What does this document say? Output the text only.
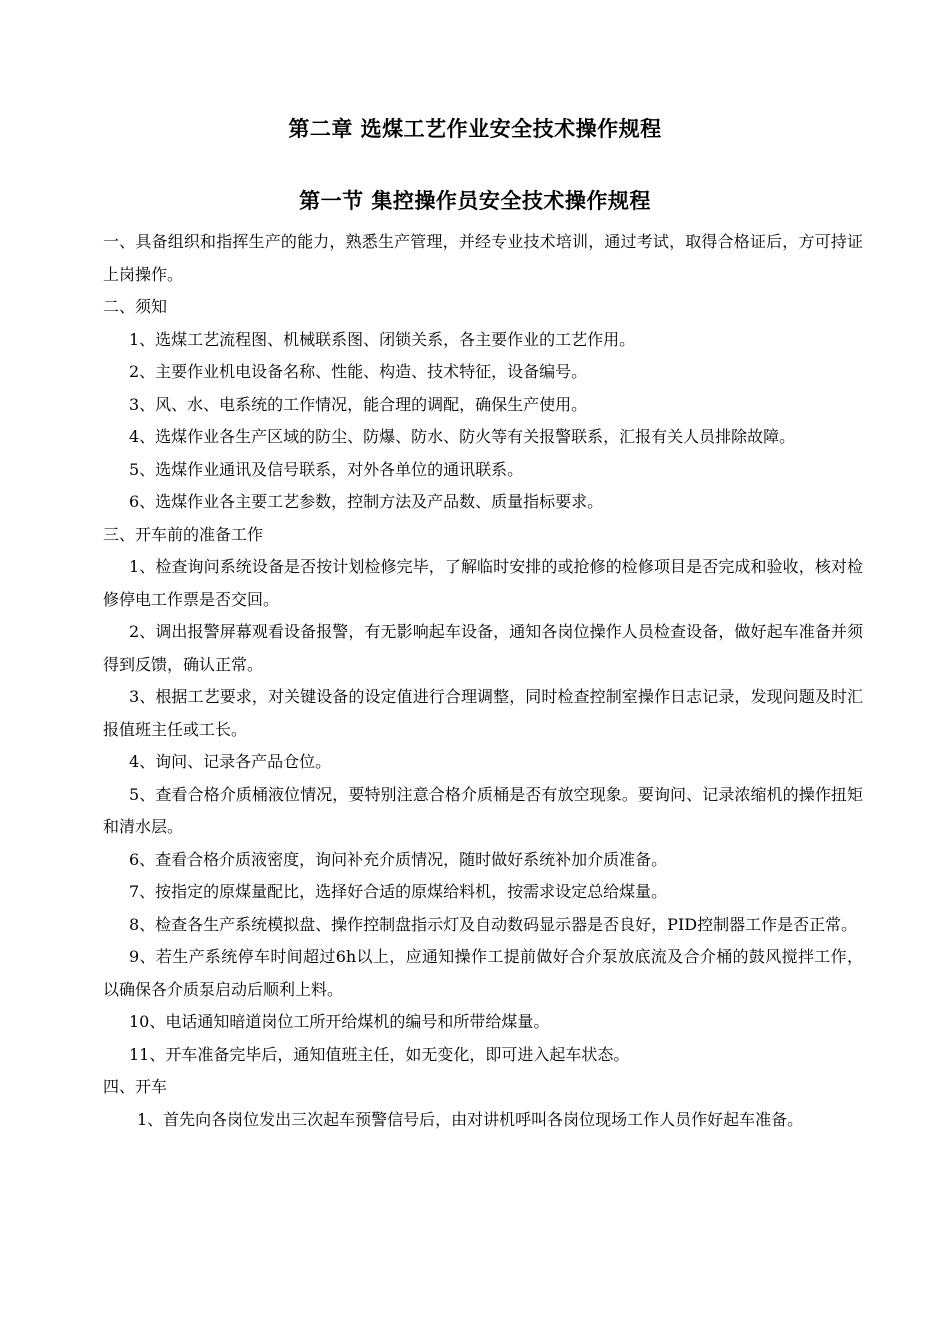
第二章 选煤工艺作业安全技术操作规程
第一节 集控操作员安全技术操作规程

一、具备组织和指挥生产的能力，熟悉生产管理，并经专业技术培训，通过考试，取得合格证后，方可持证上岗操作。

二、须知

1、选煤工艺流程图、机械联系图、闭锁关系，各主要作业的工艺作用。

2、主要作业机电设备名称、性能、构造、技术特征，设备编号。

3、风、水、电系统的工作情况，能合理的调配，确保生产使用。

4、选煤作业各生产区域的防尘、防爆、防水、防火等有关报警联系，汇报有关人员排除故障。

5、选煤作业通讯及信号联系，对外各单位的通讯联系。

6、选煤作业各主要工艺参数，控制方法及产品数、质量指标要求。

三、开车前的准备工作

1、检查询问系统设备是否按计划检修完毕，了解临时安排的或抢修的检修项目是否完成和验收，核对检修停电工作票是否交回。

2、调出报警屏幕观看设备报警，有无影响起车设备，通知各岗位操作人员检查设备，做好起车准备并须得到反馈，确认正常。

3、根据工艺要求，对关键设备的设定值进行合理调整，同时检查控制室操作日志记录，发现问题及时汇报值班主任或工长。

4、询问、记录各产品仓位。

5、查看合格介质桶液位情况，要特别注意合格介质桶是否有放空现象。要询问、记录浓缩机的操作扭矩和清水层。

6、查看合格介质液密度，询问补充介质情况，随时做好系统补加介质准备。

7、按指定的原煤量配比，选择好合适的原煤给料机，按需求设定总给煤量。

8、检查各生产系统模拟盘、操作控制盘指示灯及自动数码显示器是否良好，PID控制器工作是否正常。

9、若生产系统停车时间超过6h以上，应通知操作工提前做好合介泵放底流及合介桶的鼓风搅拌工作，以确保各介质泵启动后顺利上料。

10、电话通知暗道岗位工所开给煤机的编号和所带给煤量。

11、开车准备完毕后，通知值班主任，如无变化，即可进入起车状态。

四、开车

1、首先向各岗位发出三次起车预警信号后，由对讲机呼叫各岗位现场工作人员作好起车准备。
